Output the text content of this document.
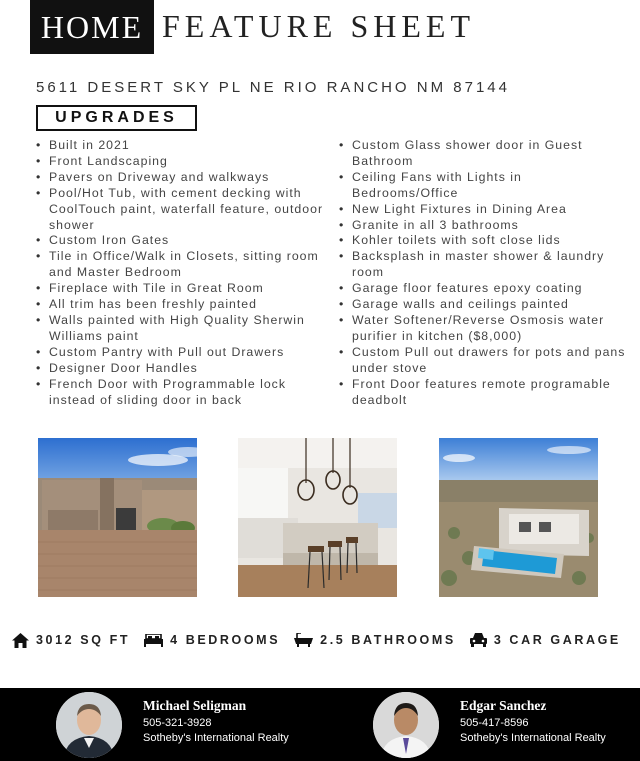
HOME FEATURE SHEET
5611 DESERT SKY PL NE RIO RANCHO NM 87144
UPGRADES
• Built in 2021
• Front Landscaping
• Pavers on Driveway and walkways
• Pool/Hot Tub, with cement decking with CoolTouch paint, waterfall feature, outdoor shower
• Custom Iron Gates
• Tile in Office/Walk in Closets, sitting room and Master Bedroom
• Fireplace with Tile in Great Room
• All trim has been freshly painted
• Walls painted with High Quality Sherwin Williams paint
• Custom Pantry with Pull out Drawers
• Designer Door Handles
• French Door with Programmable lock instead of sliding door in back
• Custom Glass shower door in Guest Bathroom
• Ceiling Fans with Lights in Bedrooms/Office
• New Light Fixtures in Dining Area
• Granite in all 3 bathrooms
• Kohler toilets with soft close lids
• Backsplash in master shower & laundry room
• Garage floor features epoxy coating
• Garage walls and ceilings painted
• Water Softener/Reverse Osmosis water purifier in kitchen ($8,000)
• Custom Pull out drawers for pots and pans under stove
• Front Door features remote programable deadbolt
3012 SQ FT	4 BEDROOMS	2.5 BATHROOMS	3 CAR GARAGE
Michael Seligman
505-321-3928
Sotheby's International Realty
Edgar Sanchez
505-417-8596
Sotheby's International Realty
